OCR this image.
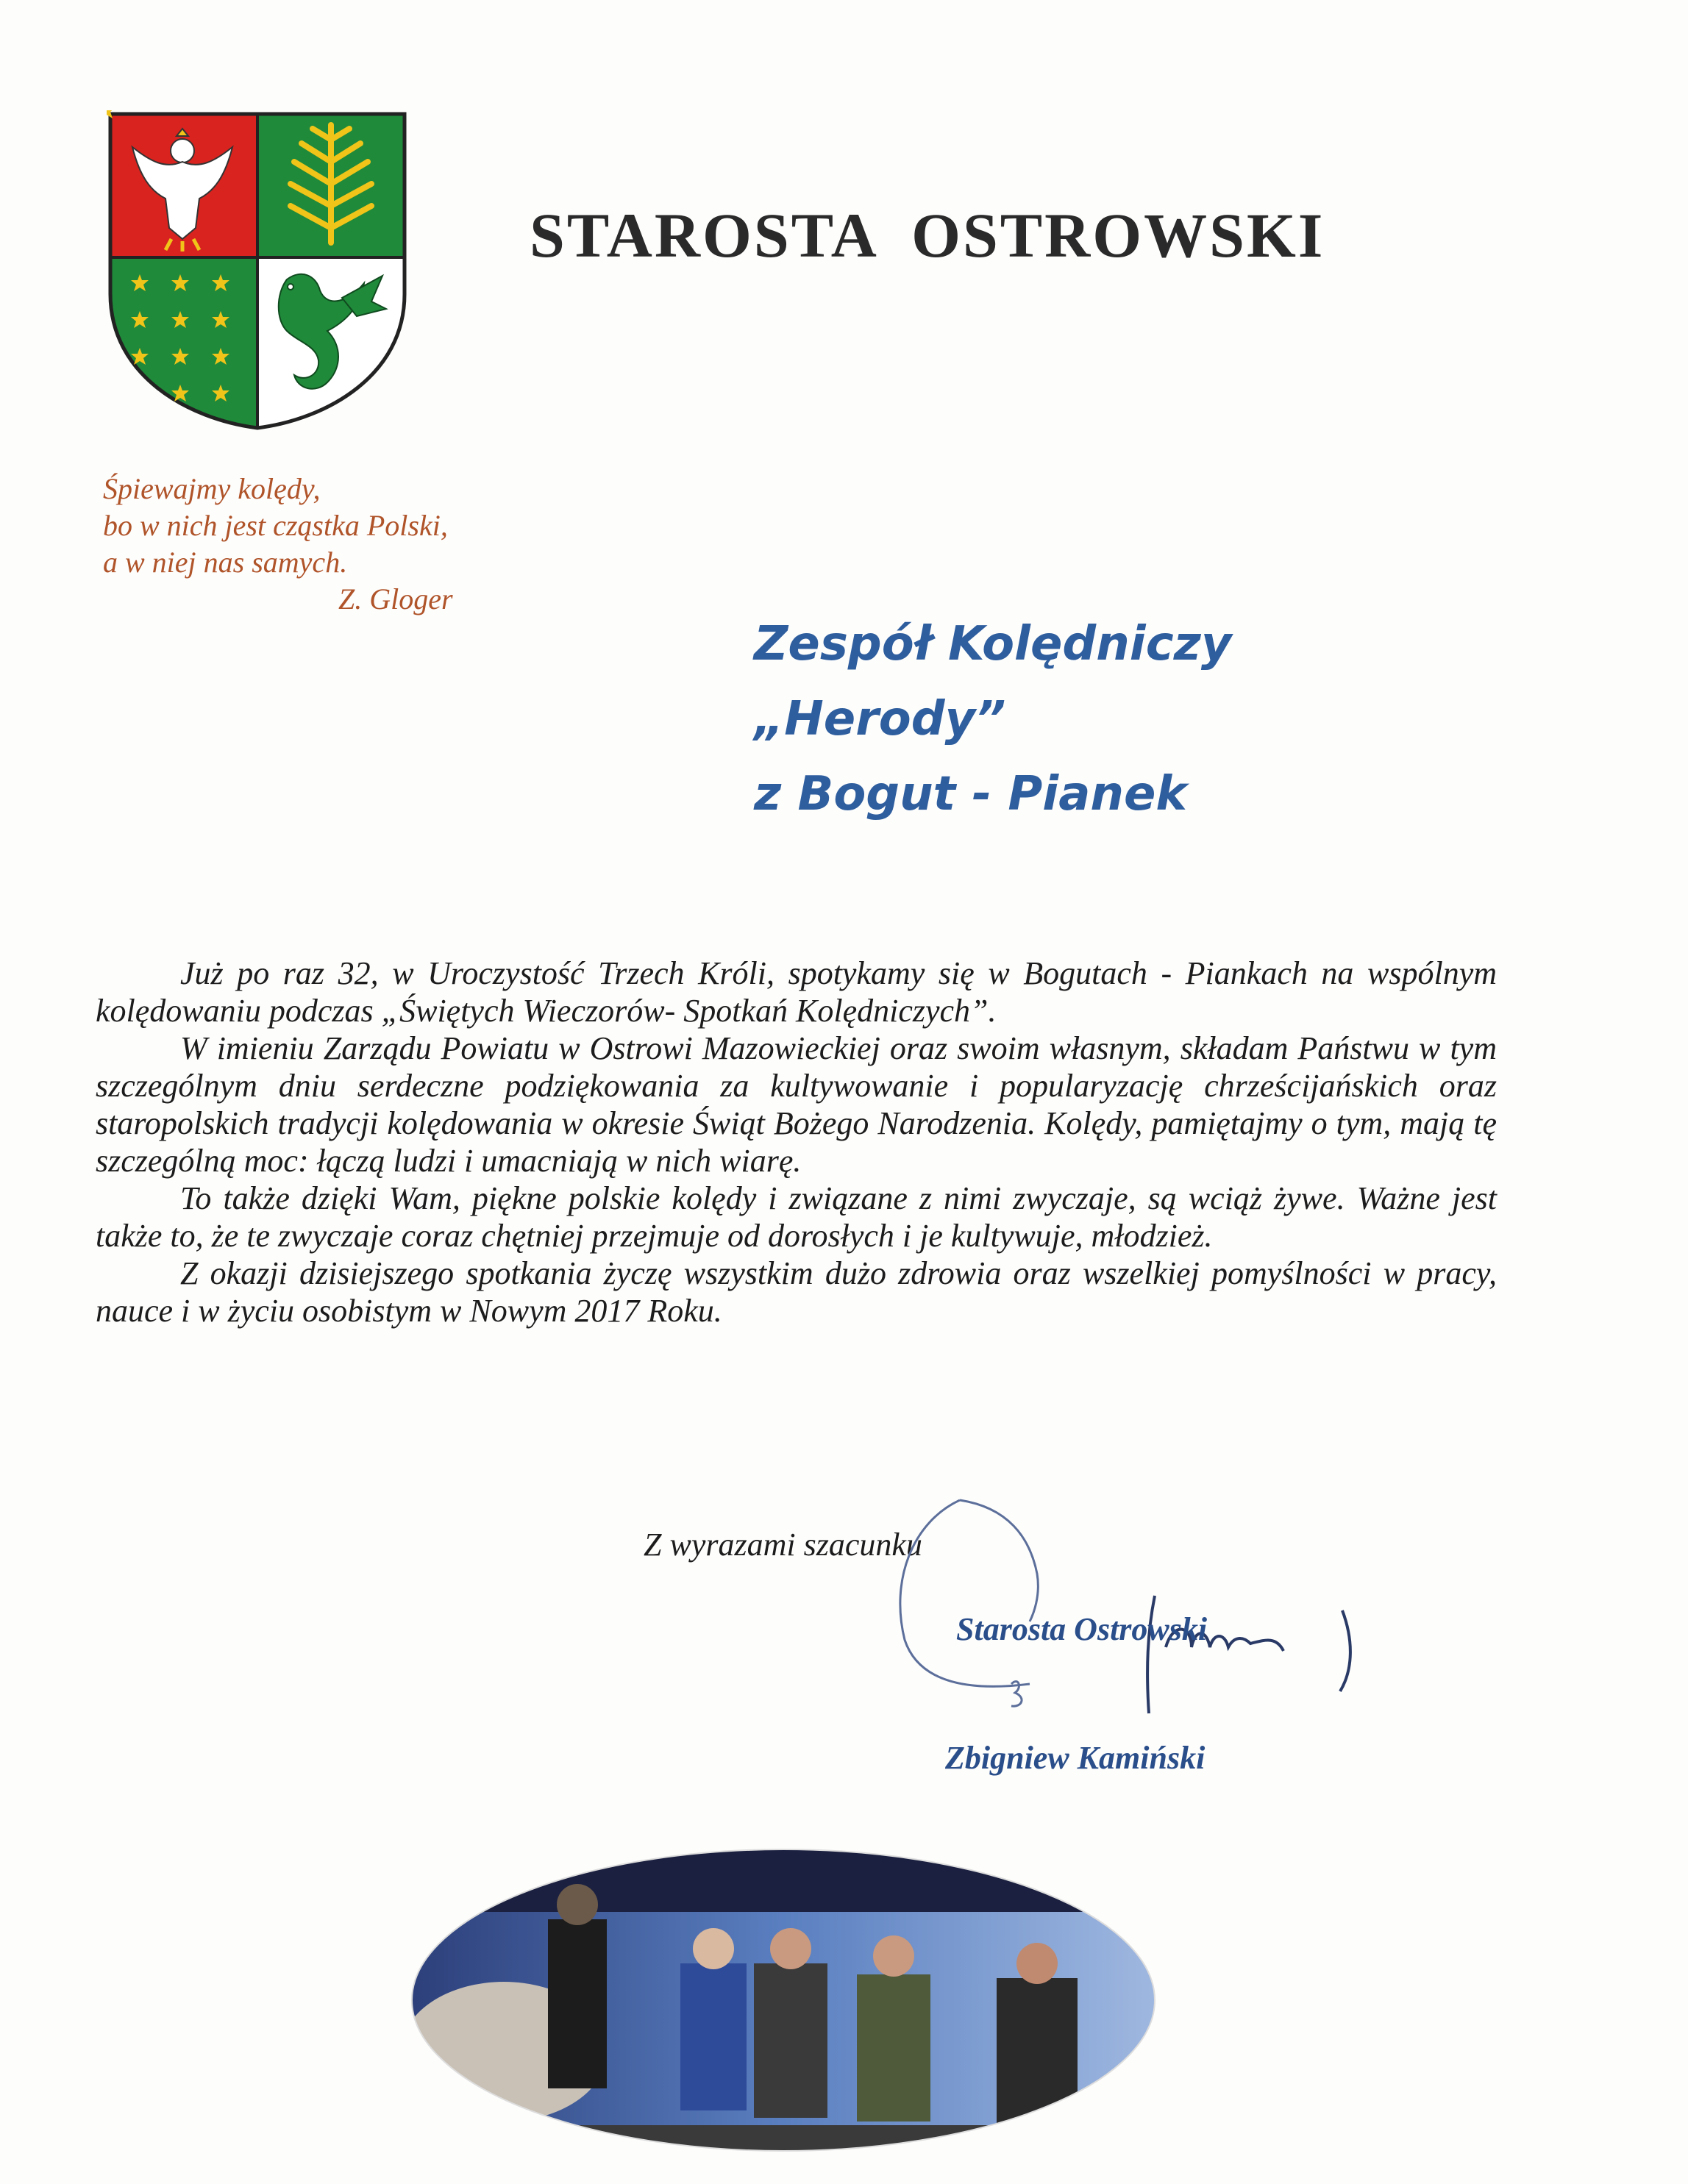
STAROSTA  OSTROWSKI
Śpiewajmy kolędy,
bo w nich jest cząstka Polski,
a w niej nas samych.
Z. Gloger
Zespół Kolędniczy
„Herody”
z Bogut - Pianek

Już po raz 32, w Uroczystość Trzech Króli, spotykamy się w Bogutach - Piankach na wspólnym kolędowaniu podczas „Świętych Wieczorów- Spotkań Kolędniczych”.

W imieniu Zarządu Powiatu w Ostrowi Mazowieckiej oraz swoim własnym, składam Państwu w tym szczególnym dniu serdeczne podziękowania za kultywowanie i popularyzację chrześcijańskich oraz staropolskich tradycji kolędowania w okresie Świąt Bożego Narodzenia. Kolędy, pamiętajmy o tym, mają tę szczególną moc: łączą ludzi i umacniają w nich wiarę.

To także dzięki Wam, piękne polskie kolędy i związane z nimi zwyczaje, są wciąż żywe. Ważne jest także to, że te zwyczaje coraz chętniej przejmuje od dorosłych i je kultywuje, młodzież.

Z okazji dzisiejszego spotkania życzę wszystkim dużo zdrowia oraz wszelkiej pomyślności w pracy, nauce i w życiu osobistym w Nowym 2017 Roku.

Z wyrazami szacunku
Starosta Ostrowski
Zbigniew Kamiński
